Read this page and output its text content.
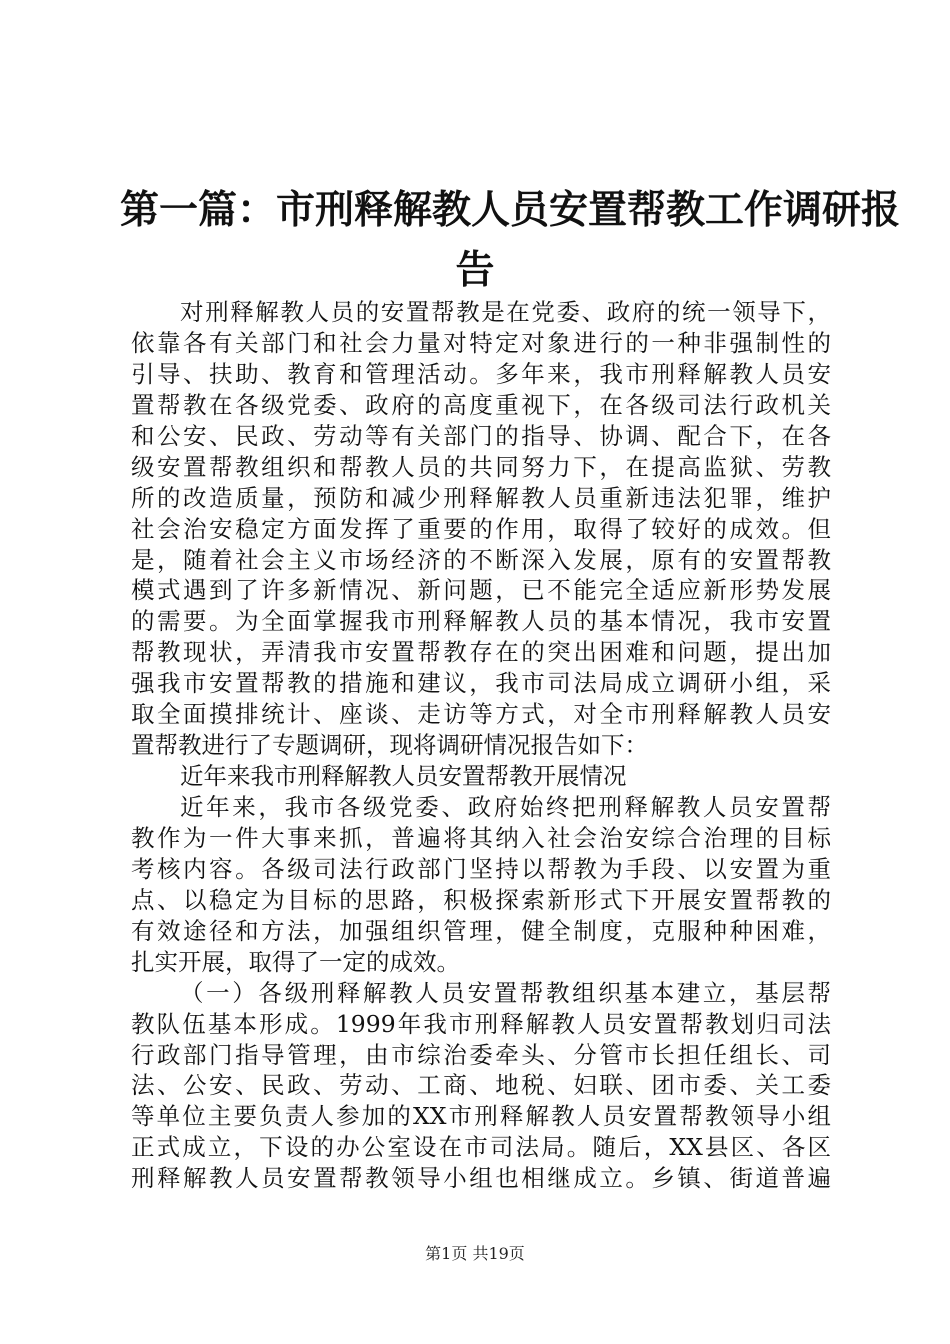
第一篇：市刑释解教人员安置帮教工作调研报
告
对刑释解教人员的安置帮教是在党委、政府的统一领导下，
依靠各有关部门和社会力量对特定对象进行的一种非强制性的
引导、扶助、教育和管理活动。多年来，我市刑释解教人员安
置帮教在各级党委、政府的高度重视下，在各级司法行政机关
和公安、民政、劳动等有关部门的指导、协调、配合下，在各
级安置帮教组织和帮教人员的共同努力下，在提高监狱、劳教
所的改造质量，预防和减少刑释解教人员重新违法犯罪，维护
社会治安稳定方面发挥了重要的作用，取得了较好的成效。但
是，随着社会主义市场经济的不断深入发展，原有的安置帮教
模式遇到了许多新情况、新问题，已不能完全适应新形势发展
的需要。为全面掌握我市刑释解教人员的基本情况，我市安置
帮教现状，弄清我市安置帮教存在的突出困难和问题，提出加
强我市安置帮教的措施和建议，我市司法局成立调研小组，采
取全面摸排统计、座谈、走访等方式，对全市刑释解教人员安
置帮教进行了专题调研，现将调研情况报告如下：
近年来我市刑释解教人员安置帮教开展情况
近年来，我市各级党委、政府始终把刑释解教人员安置帮
教作为一件大事来抓，普遍将其纳入社会治安综合治理的目标
考核内容。各级司法行政部门坚持以帮教为手段、以安置为重
点、以稳定为目标的思路，积极探索新形式下开展安置帮教的
有效途径和方法，加强组织管理，健全制度，克服种种困难，
扎实开展，取得了一定的成效。
（一）各级刑释解教人员安置帮教组织基本建立，基层帮
教队伍基本形成。1999年我市刑释解教人员安置帮教划归司法
行政部门指导管理，由市综治委牵头、分管市长担任组长、司
法、公安、民政、劳动、工商、地税、妇联、团市委、关工委
等单位主要负责人参加的XX市刑释解教人员安置帮教领导小组
正式成立，下设的办公室设在市司法局。随后，XX县区、各区
刑释解教人员安置帮教领导小组也相继成立。乡镇、街道普遍
第1页 共19页
